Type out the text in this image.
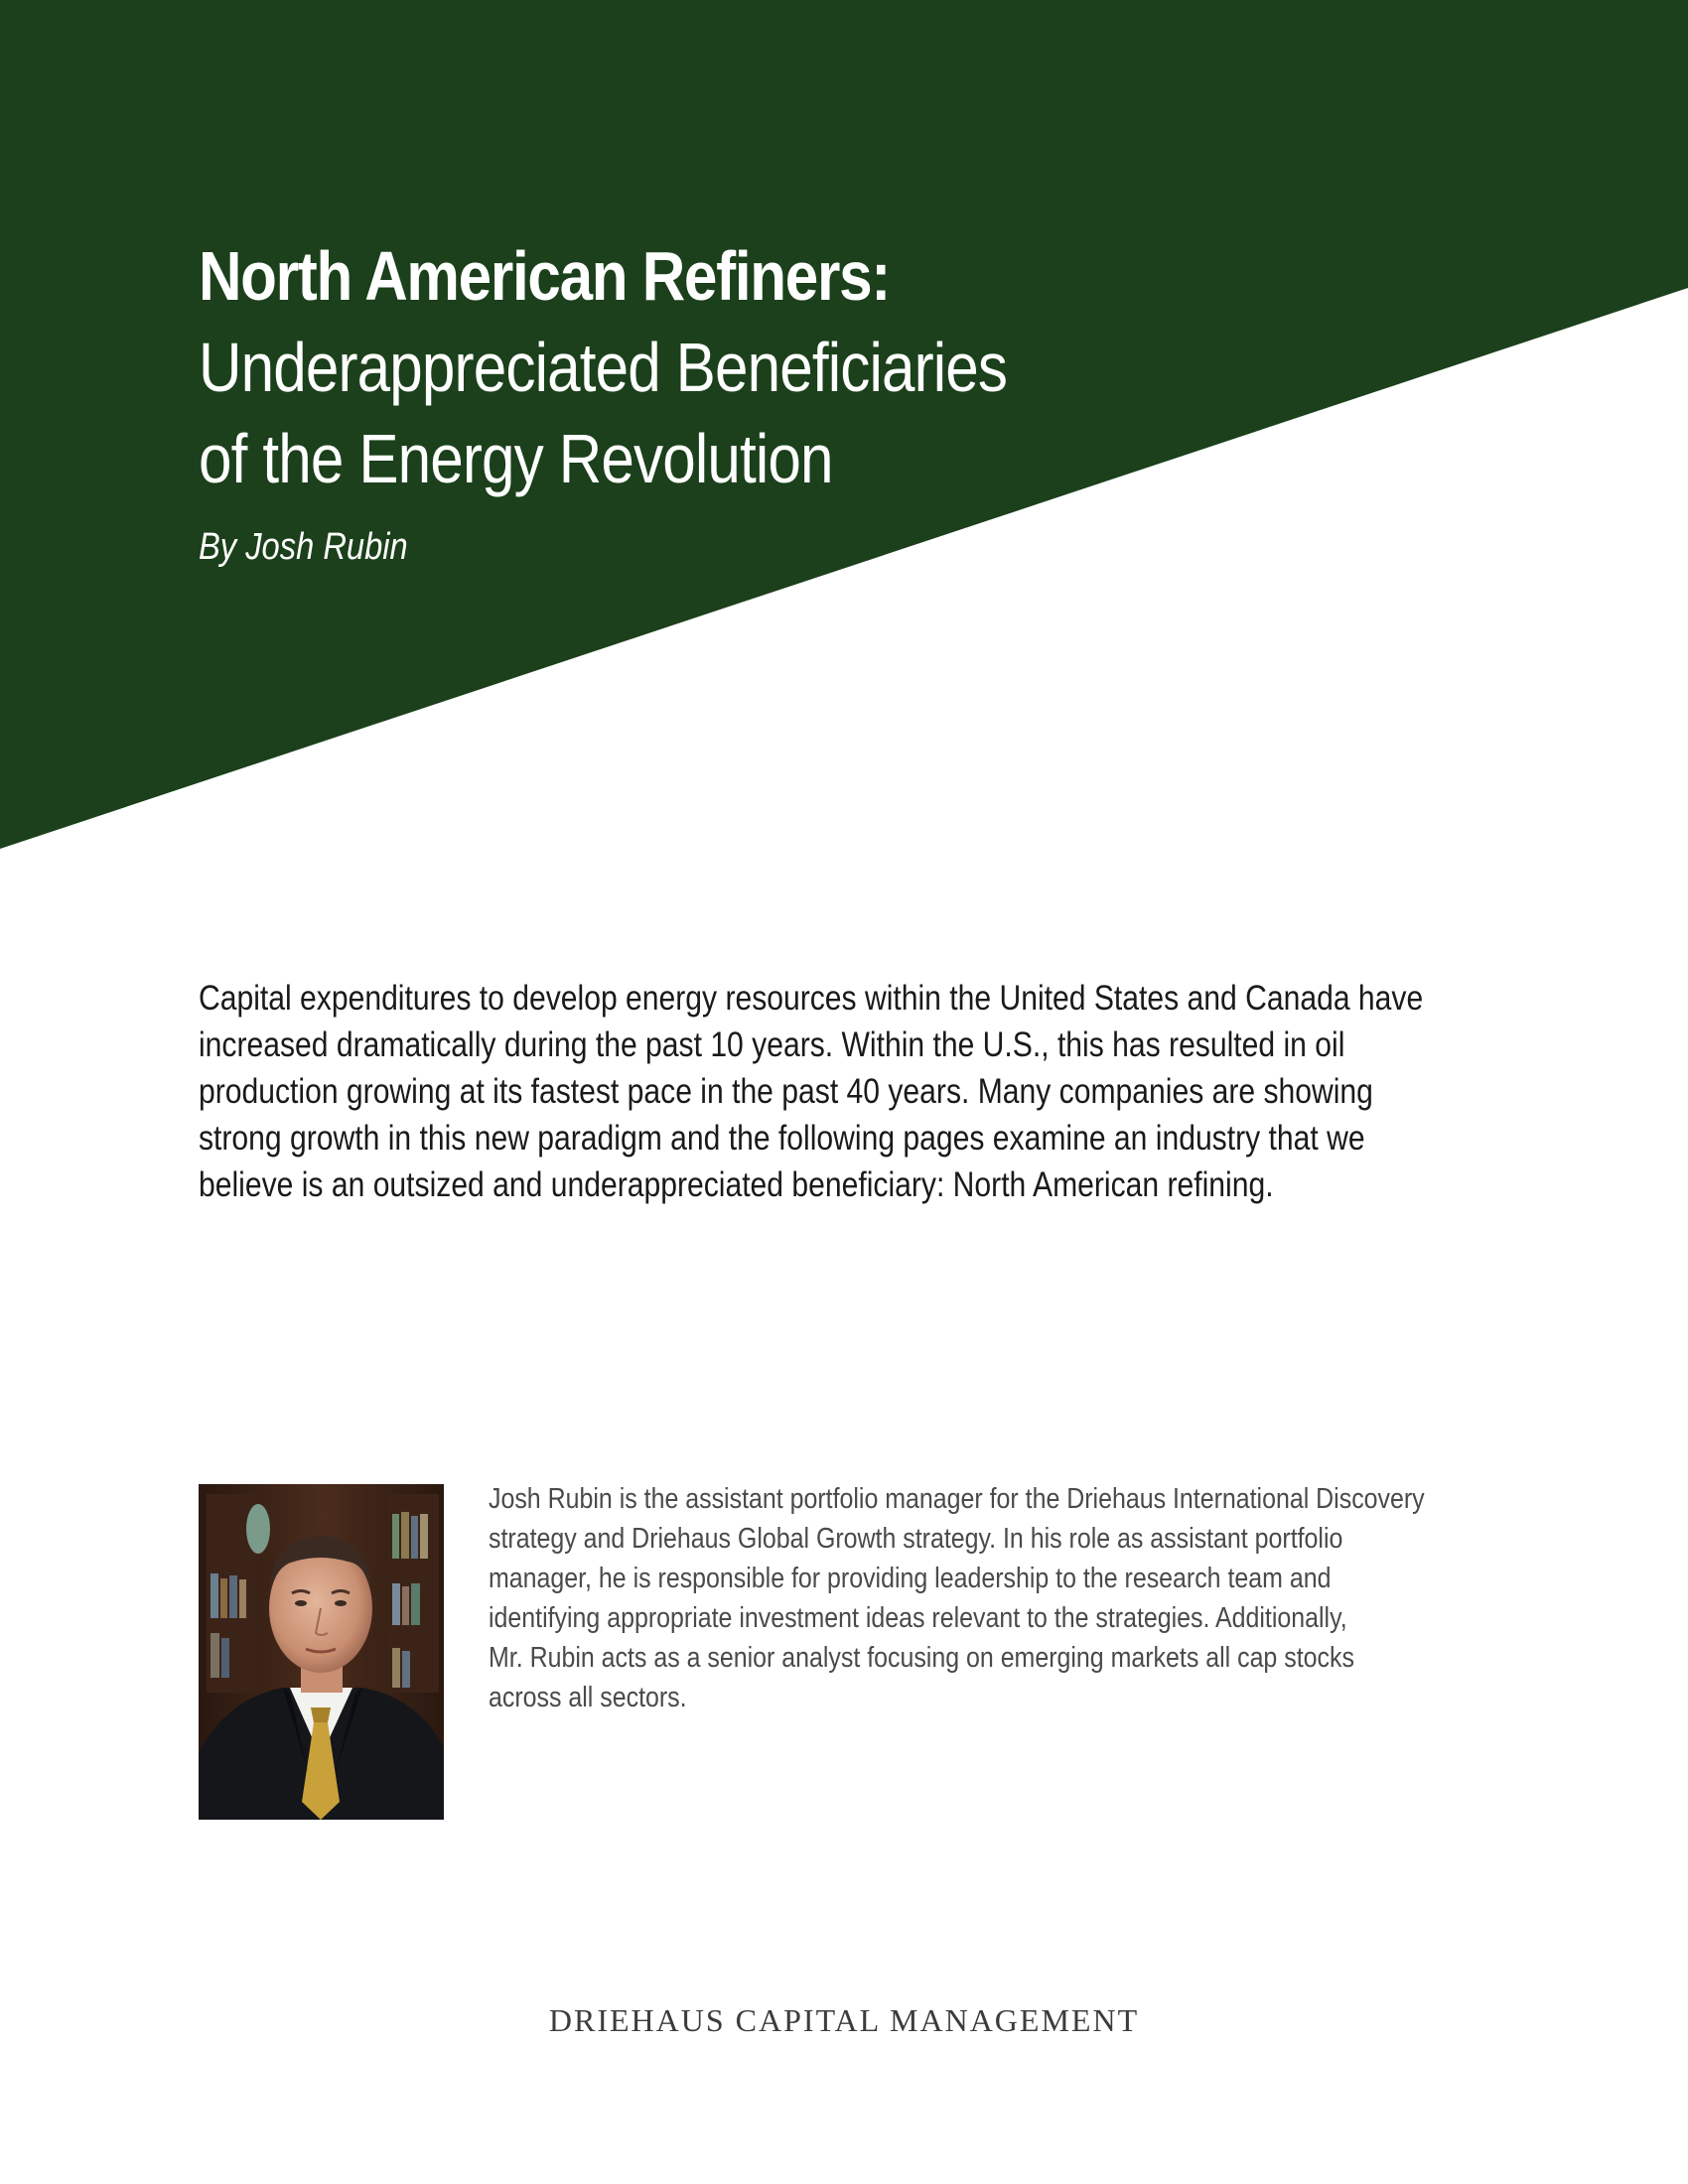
North American Refiners:
Underappreciated Beneficiaries
of the Energy Revolution
By Josh Rubin
Capital expenditures to develop energy resources within the United States and Canada have
increased dramatically during the past 10 years. Within the U.S., this has resulted in oil
production growing at its fastest pace in the past 40 years. Many companies are showing
strong growth in this new paradigm and the following pages examine an industry that we
believe is an outsized and underappreciated beneficiary: North American refining.
Josh Rubin is the assistant portfolio manager for the Driehaus International Discovery
strategy and Driehaus Global Growth strategy. In his role as assistant portfolio
manager, he is responsible for providing leadership to the research team and
identifying appropriate investment ideas relevant to the strategies. Additionally,
Mr. Rubin acts as a senior analyst focusing on emerging markets all cap stocks
across all sectors.
DRIEHAUS CAPITAL MANAGEMENT
